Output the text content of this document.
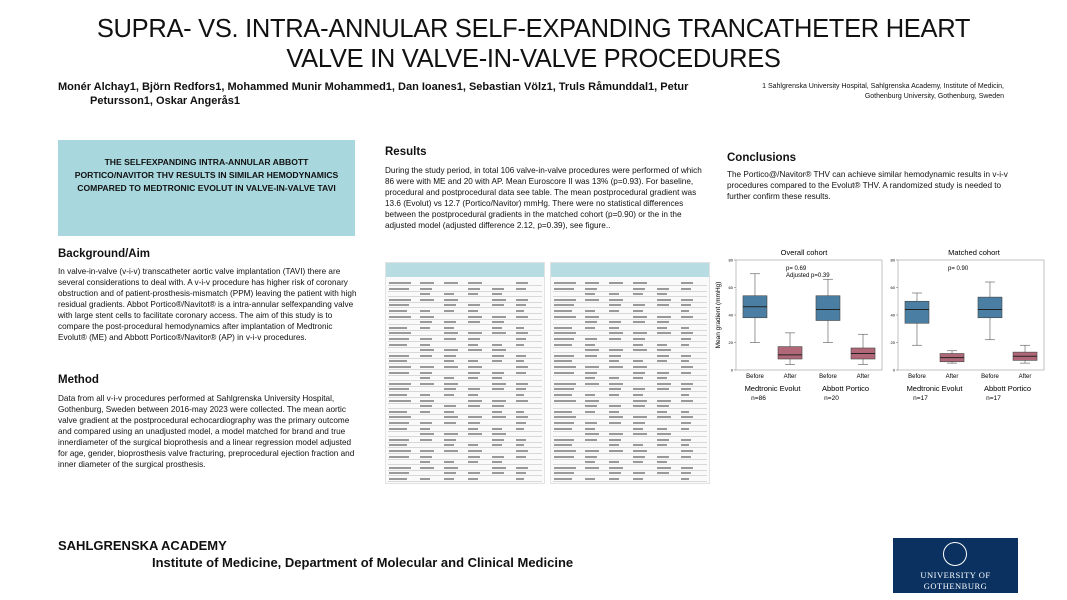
SUPRA- VS. INTRA-ANNULAR SELF-EXPANDING TRANCATHETER HEART VALVE IN VALVE-IN-VALVE PROCEDURES
Monér Alchay1, Björn Redfors1, Mohammed Munir Mohammed1, Dan Ioanes1, Sebastian Völz1, Truls Råmunddal1, Petur
Petursson1, Oskar Angerås1
1 Sahlgrenska University Hospital, Sahlgrenska Academy, Institute of Medicin,
Gothenburg University, Gothenburg, Sweden
THE SELFEXPANDING INTRA-ANNULAR ABBOTT PORTICO/NAVITOR THV RESULTS IN SIMILAR HEMODYNAMICS COMPARED TO MEDTRONIC EVOLUT IN VALVE-IN-VALVE TAVI
Background/Aim
In valve-in-valve (v-i-v) transcatheter aortic valve implantation (TAVI) there are several considerations to deal with. A v-i-v procedure has higher risk of coronary obstruction and of patient-prosthesis-mismatch (PPM) leaving the patient with high residual gradients. Abbot Portico®/Navitot® is a intra-annular selfexpanding valve with large stent cells to facilitate coronary access. The aim of this study is to compare the post-procedural hemodynamics after implantation of Medtronic Evolut® (ME) and Abbott Portico®/Navitor® (AP) in v-i-v procedures.
Method
Data from all v-i-v procedures performed at Sahlgrenska University Hospital, Gothenburg, Sweden between 2016-may 2023 were collected. The mean aortic valve gradient at the postprocedural echocardiography was the primary outcome and compared using an unadjusted model, a model matched for brand and true innerdiameter of the surgical bioprothesis and a linear regression model adjusted for age, gender, bioprosthesis valve fracturing, preprocedural ejection fraction and inner diameter of the surgical prosthesis.
Results
During the study period, in total 106 valve-in-valve procedures were performed of which 86 were with ME and 20 with AP. Mean Euroscore II was 13% (p=0.93). For baseline, procedural and postprocedural data see table. The mean postprocedural gradient was 13.6 (Evolut) vs 12.7 (Portico/Navitor) mmHg. There were no statistical differences between the postprocedural gradients in the matched cohort (p=0.90) or the in the adjusted model (adjusted difference 2.12, p=0.39), see figure..
Conclusions
The Portico@/Navitor® THV can achieve similar hemodynamic results in v-i-v procedures compared to the Evolut® THV. A randomized study is needed to further confirm these results.
Mean gradient (mmHg)
Overall cohort
p= 0.69
Adjusted p=0.39
0
20
40
60
80
Before	After
Medtronic Evolut
n=86
Before	After
Abbott Portico
n=20
Matched cohort
p= 0.90
0
20
40
60
80
Before	After
Medtronic Evolut
n=17
Before	After
Abbott Portico
n=17
SAHLGRENSKA ACADEMY
Institute of Medicine, Department of Molecular and Clinical Medicine
UNIVERSITY OF
GOTHENBURG
